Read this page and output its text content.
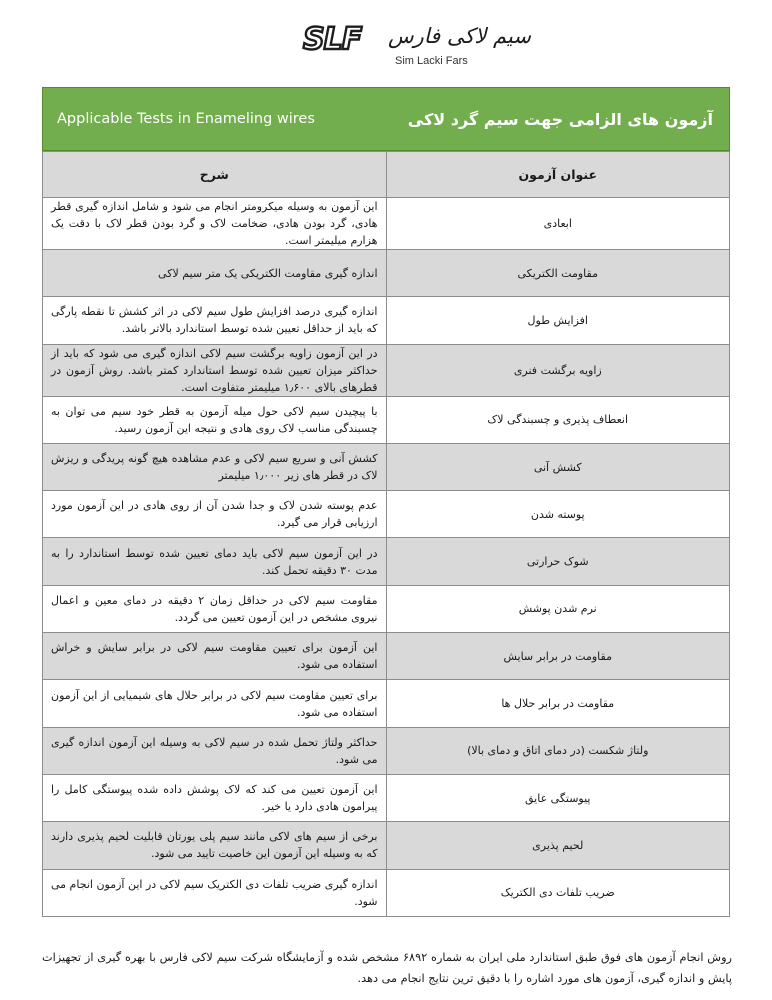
SLF سیم لاکی فارس
Sim Lacki Fars
Applicable Tests in Enameling wires	آزمون های الزامی جهت سیم گرد لاکی
عنوان آزمون	شرح
ابعادی	این آزمون به وسیله میکرومتر انجام می شود و شامل اندازه گیری قطر هادی، گرد بودن هادی، ضخامت لاک و گرد بودن قطر لاک با دقت یک هزارم میلیمتر است.
مقاومت الکتریکی	اندازه گیری مقاومت الکتریکی یک متر سیم لاکی
افزایش طول	اندازه گیری درصد افزایش طول سیم لاکی در اثر کشش تا نقطه پارگی که باید از حداقل تعیین شده توسط استاندارد بالاتر باشد.
زاویه برگشت فنری	در این آزمون زاویه برگشت سیم لاکی اندازه گیری می شود که باید از حداکثر میزان تعیین شده توسط استاندارد کمتر باشد. روش آزمون در قطرهای بالای ۱٫۶۰۰ میلیمتر متفاوت است.
انعطاف پذیری و چسبندگی لاک	با پیچیدن سیم لاکی حول میله آزمون به قطر خود سیم می توان به چسبندگی مناسب لاک روی هادی و نتیجه این آزمون رسید.
کشش آنی	کشش آنی و سریع سیم لاکی و عدم مشاهده هیچ گونه پریدگی و ریزش لاک در قطر های زیر ۱٫۰۰۰ میلیمتر
پوسته شدن	عدم پوسته شدن لاک و جدا شدن آن از روی هادی در این آزمون مورد ارزیابی قرار می گیرد.
شوک حرارتی	در این آزمون سیم لاکی باید دمای تعیین شده توسط استاندارد را به مدت ۳۰ دقیقه تحمل کند.
نرم شدن پوشش	مقاومت سیم لاکی در حداقل زمان ۲ دقیقه در دمای معین و اعمال نیروی مشخص در این آزمون تعیین می گردد.
مقاومت در برابر سایش	این آزمون برای تعیین مقاومت سیم لاکی در برابر سایش و خراش استفاده می شود.
مقاومت در برابر حلال ها	برای تعیین مقاومت سیم لاکی در برابر حلال های شیمیایی از این آزمون استفاده می شود.
ولتاژ شکست (در دمای اتاق و دمای بالا)	حداکثر ولتاژ تحمل شده در سیم لاکی به وسیله این آزمون اندازه گیری می شود.
پیوستگی عایق	این آزمون تعیین می کند که لاک پوشش داده شده پیوستگی کامل را پیرامون هادی دارد یا خیر.
لحیم پذیری	برخی از سیم های لاکی مانند سیم پلی یورتان قابلیت لحیم پذیری دارند که به وسیله این آزمون این خاصیت تایید می شود.
ضریب تلفات دی الکتریک	اندازه گیری ضریب تلفات دی الکتریک سیم لاکی در این آزمون انجام می شود.

روش انجام آزمون های فوق طبق استاندارد ملی ایران به شماره ۶۸۹۲ مشخص شده و آزمایشگاه شرکت سیم لاکی فارس با بهره گیری از تجهیزات پایش و اندازه گیری، آزمون های مورد اشاره را با دقیق ترین نتایج انجام می دهد.
